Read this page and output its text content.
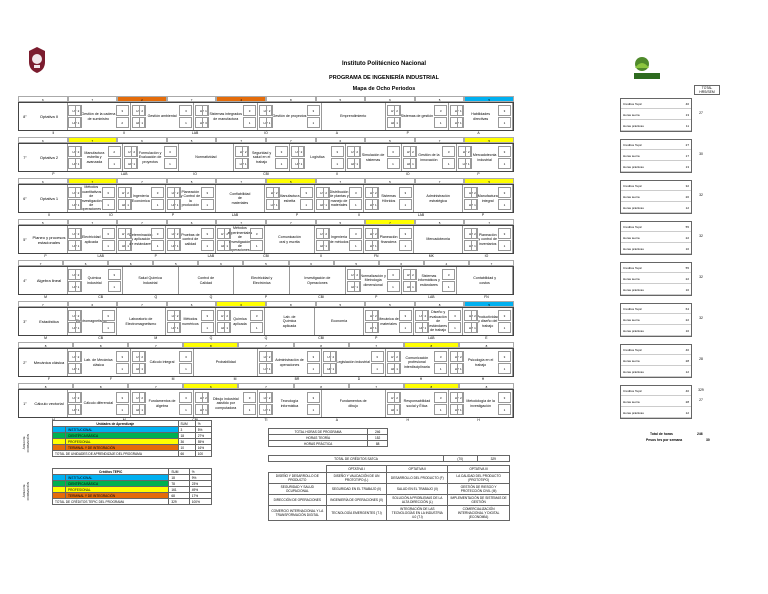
TOTAL HRS/SEM
Instituto Politécnico Nacional
PROGRAMA DE INGENIERÍA INDUSTRIAL
Mapa de Ocho Periodos
6	7	2	7	4	8	5	6	5	5
8°	Optativa II
HT
HP
Gestión de la cadena de suministro
2
1
3
2
HT
HP
Gestión ambiental
2
1
3
1
HT
HP
Sistemas integrados de manufactura
1
3
3
1
HT
HP
Gestión de proyectos
2
1
3
1
Emprendimiento
HT
HP
Sistemas de gestión
2
1
3
1
HT
HP
Habilidades directivas
1
1
3
1
II	II	LAB	IO	A	P	A
6	7	6	5	7	7	6	5	7	5
7°	Optativa 2
HT
HP
Manufactura esbelta y avanzada
2
1
2
1
HT
HP
Formulación y Evaluación de proyectos
2
1
3
1
Normatividad
HT
HP
Seguridad y salud en el trabajo
2
1
3
1
HT
HP
Logística
2
1
3
1
HT
HP
Simulación de sistemas
2
1
3
1
HT
HP
Gestión de la innovación
2
1
3
1
HT
HP
Mercadotecnia industrial
2
1
3
1
P	LAB	IO	CBI	II	IO	P
6	7	7	5	7	5	7	5	7	5
6°	Optativa 1
HT
HP
Métodos cuantitativos de investigación de operaciones
2
1
3
1
HT
HP
Ingeniería Económica
2
1
3
1
HT
HP
Planeación y Control de la producción
2
1
3
1
Confiabilidad de materiales
HT
HP
Manufactura esbelta
2
1
3
1
HT
HP
Distribución de plantas y manejo de materiales
2
1
3
1
HT
HP
Sistemas Híbridos
2
1
3
1
Administración estratégica
HT
HP
Manufactura integral
2
1
3
1
II	IO	P	LAB	P	II	LAB	P
5	7	7	6	7	7	5	7	5	7
5°	Planeo y procesos estacionales
HT
HP
Electricidad aplicada
2
1
3
1
HT
HP
Determinación y aplicación de estándares
2
1
3
1
HT
HP
Pruebas de control de calidad
2
1
3
1
HT
HP
Métodos experimentales de investigación de operaciones
2
1
3
1
Comunicación oral y escrita
HT
HP
Ingeniería de métodos
2
1
3
1
HT
HP
Planeación financiera
2
1
3
1
Mercadotecnia
HT
HP
Planeación y control de inventarios
2
1
3
1
P	LAB	P	LAB	CBI	II	FN	MK	IO
7	6	6	5	6	5	6	5	6	4	7
4°	Algebra lineal
HT
HP
Química industrial
2
1
3
1
Salud Química Industrial
Control de Calidad
Electricidad y Electrónica
Investigación de Operaciones
HT
HP
Normalización y Metrología dimensional
2
1
3
1
HT
HP
Sistemas informáticos y estándares
2
1
3
1
Contabilidad y costos
M	CB	Q	Q	P	CBI	P	LAB	FN
7	6	7	6	6	8	5	5	8	5
3°	Estadística
HT
HP
Electromagnetismo
2
1
3
1
Laboratorio de Electromagnetismo
HT
HP
Métodos numéricos
2
1
3
1
HT
HP
Química aplicada
2
1
3
1
Lab. de Química aplicada
Economía
HT
HP
Mecánica de materiales
2
1
3
1
HT
HP
Diseño y evaluación de estándares de trabajo
2
1
3
1
HT
HP
Productividad y diseño del trabajo
2
1
3
1
M	CB	M	Q	Q	CBI	P	LAB	E
8	8	7	8	7	8	7	8	8
2°	Mecánica clásica
HT
HP
Lab. de Mecánica clásica
2
1
3
1
HT
HP
Cálculo integral
2
1
3
1
Probabilidad
HT
HP
Administración de operaciones
2
1
3
1
HT
HP
Legislación industrial
2
1
3
1
HT
HP
Comunicación profesional interdisciplinaria
2
1
3
1
HT
HP
Psicología en el trabajo
2
1
3
1
F	F	M	M	BR	D	H	H
8	8	7	6	7	8	7	8	8
1°	Cálculo vectorial
HT
HP
Cálculo diferencial
2
1
3
1
HT
HP
Fundamentos de álgebra
2
1
3
1
HT
HP
Dibujo industrial asistido por computadora
2
1
3
1
HT
HP
Tecnología informática
2
1
3
1
Fundamentos de dibujo
HT
HP
Responsabilidad social y Ética
2
1
3
1
HT
HP
Metodología de la investigación
2
1
3
1
M	M	CBI	TI	A	H	H
Créditos Tepic	40
Horas teoría	13
Horas prácticas	11
27
Créditos Tepic	27
Horas teoría	17
Horas prácticas	13
30
Créditos Tepic	32
Horas teoría	20
Horas prácticas	12
32
Créditos Tepic	55
Horas teoría	22
Horas prácticas	10
32
Créditos Tepic	55
Horas teoría	22
Horas prácticas	10
32
Créditos Tepic	64
Horas teoría	22
Horas prácticas	10
32
Créditos Tepic	40
Horas teoría	28
Horas prácticas	12
28
Créditos Tepic	40
Horas teoría	28
Horas prácticas	12
27
329
Total de horas	246
Pesos hrs por semana	30
ÁREA DE FORMACIÓN
Unidades de Aprendizaje		SUM	%
	INSTITUCIONAL	3	5%
	CIENTÍFICA BÁSICA	18	27%
	PROFESIONAL	36	55%
	TERMINAL Y DE INTEGRACIÓN	10	16%
TOTAL DE UNIDADES DE APRENDIZAJE DEL PROGRAMA		66	100
ÁREA DE FORMACIÓN
Créditos TEPIC		SUM	%
	INSTITUCIONAL	18	9%
	CIENTÍFICA BÁSICA	78	23%
	PROFESIONAL	161	49%
	TERMINAL Y DE INTEGRACIÓN	68	17%
TOTAL DE CRÉDITOS TEPIC DEL PROGRAMA		329	100%
TOTAL HORAS DE PROGRAMA	246
HORAS TEORÍA	152
HORAS PRÁCTICA	88
TOTAL DE CRÉDITOS SATCA	(70)	329
	OPTATIVA I	OPTATIVA II	OPTATIVA III
DISEÑO Y DESARROLLO DE PRODUCTO	DISEÑO Y VALIDACIÓN DE UN PROTOTIPO (L)	DESARROLLO DEL PRODUCTO (F)	LA CALIDAD DEL PRODUCTO (PROTOTIPO)
SEGURIDAD Y SALUD OCUPACIONAL	SEGURIDAD EN EL TRABAJO (II)	SALUD EN EL TRABAJO (II)	GESTIÓN DE RIESGO Y PROTECCIÓN CIVIL (III)
DIRECCIÓN DE OPERACIONES	INGENIERÍA DE OPERACIONES (II)	SOLUCIÓN A PROBLEMAS DE LA ALTA DIRECCIÓN (L)	IMPLEMENTACIÓN DE SISTEMAS DE GESTIÓN
COMERCIO INTERNACIONAL Y LA TRANSFORMACIÓN DIGITAL	TECNOLOGÍA EMERGENTES (T.I)	INTEGRACIÓN DE LAS TECNOLOGÍAS EN LA INDUSTRIA 4.0 (T.I)	COMERCIALIZACIÓN INTERNACIONAL Y DIGITAL (ECONOMÍA)
